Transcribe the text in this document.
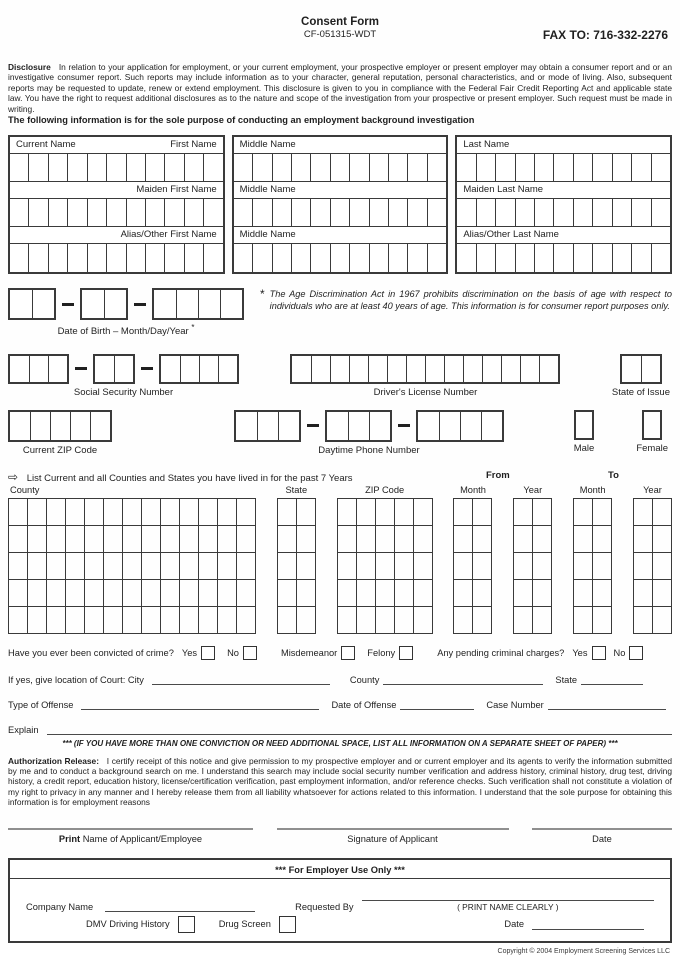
Consent Form
CF-051315-WDT	FAX TO: 716-332-2276
Disclosure In relation to your application for employment, or your current employment, your prospective employer or present employer may obtain a consumer report and or an investigative consumer report. Such reports may include information as to your character, general reputation, personal characteristics, and or mode of living. Also, subsequent reports may be requested to update, renew or extend employment. This disclosure is given to you in compliance with the Federal Fair Credit Reporting Act and applicable state law. You have the right to request additional disclosures as to the nature and scope of the investigation from your prospective or present employer. Such request must be made in writing.
The following information is for the sole purpose of conducting an employment background investigation
Current Name	First Name
Maiden First Name
Alias/Other First Name
Middle Name
Middle Name
Middle Name
Last Name
Maiden Last Name
Alias/Other Last Name
Date of Birth – Month/Day/Year *
* The Age Discrimination Act in 1967 prohibits discrimination on the basis of age with respect to individuals who are at least 40 years of age. This information is for consumer report purposes only.
Social Security Number	Driver's License Number	State of Issue
Current ZIP Code	Daytime Phone Number	Male	Female
⇨ List Current and all Counties and States you have lived in for the past 7 Years	From	To
County	State	ZIP Code	Month	Year	Month	Year
Have you ever been convicted of crime? Yes	No	Misdemeanor	Felony	Any pending criminal charges? Yes	No
If yes, give location of Court: City	County	State
Type of Offense	Date of Offense	Case Number
Explain
*** (IF YOU HAVE MORE THAN ONE CONVICTION OR NEED ADDITIONAL SPACE, LIST ALL INFORMATION ON A SEPARATE SHEET OF PAPER) ***
Authorization Release: I certify receipt of this notice and give permission to my prospective employer and or current employer and its agents to verify the information submitted by me and to conduct a background search on me. I understand this search may include social security number verification and address history, criminal history, drug test, driving history, a credit report, education history, license/certification verification, past employment information, and/or reference checks. Such verification shall not constitute a violation of my right to privacy in any manner and I hereby release them from all liability whatsoever for actions related to this information. I understand that the sole purpose for obtaining this information is for employment reasons
Print Name of Applicant/Employee	Signature of Applicant	Date
*** For Employer Use Only ***
Company Name	Requested By	( PRINT NAME CLEARLY )
DMV Driving History	Drug Screen	Date
Copyright © 2004 Employment Screening Services LLC
